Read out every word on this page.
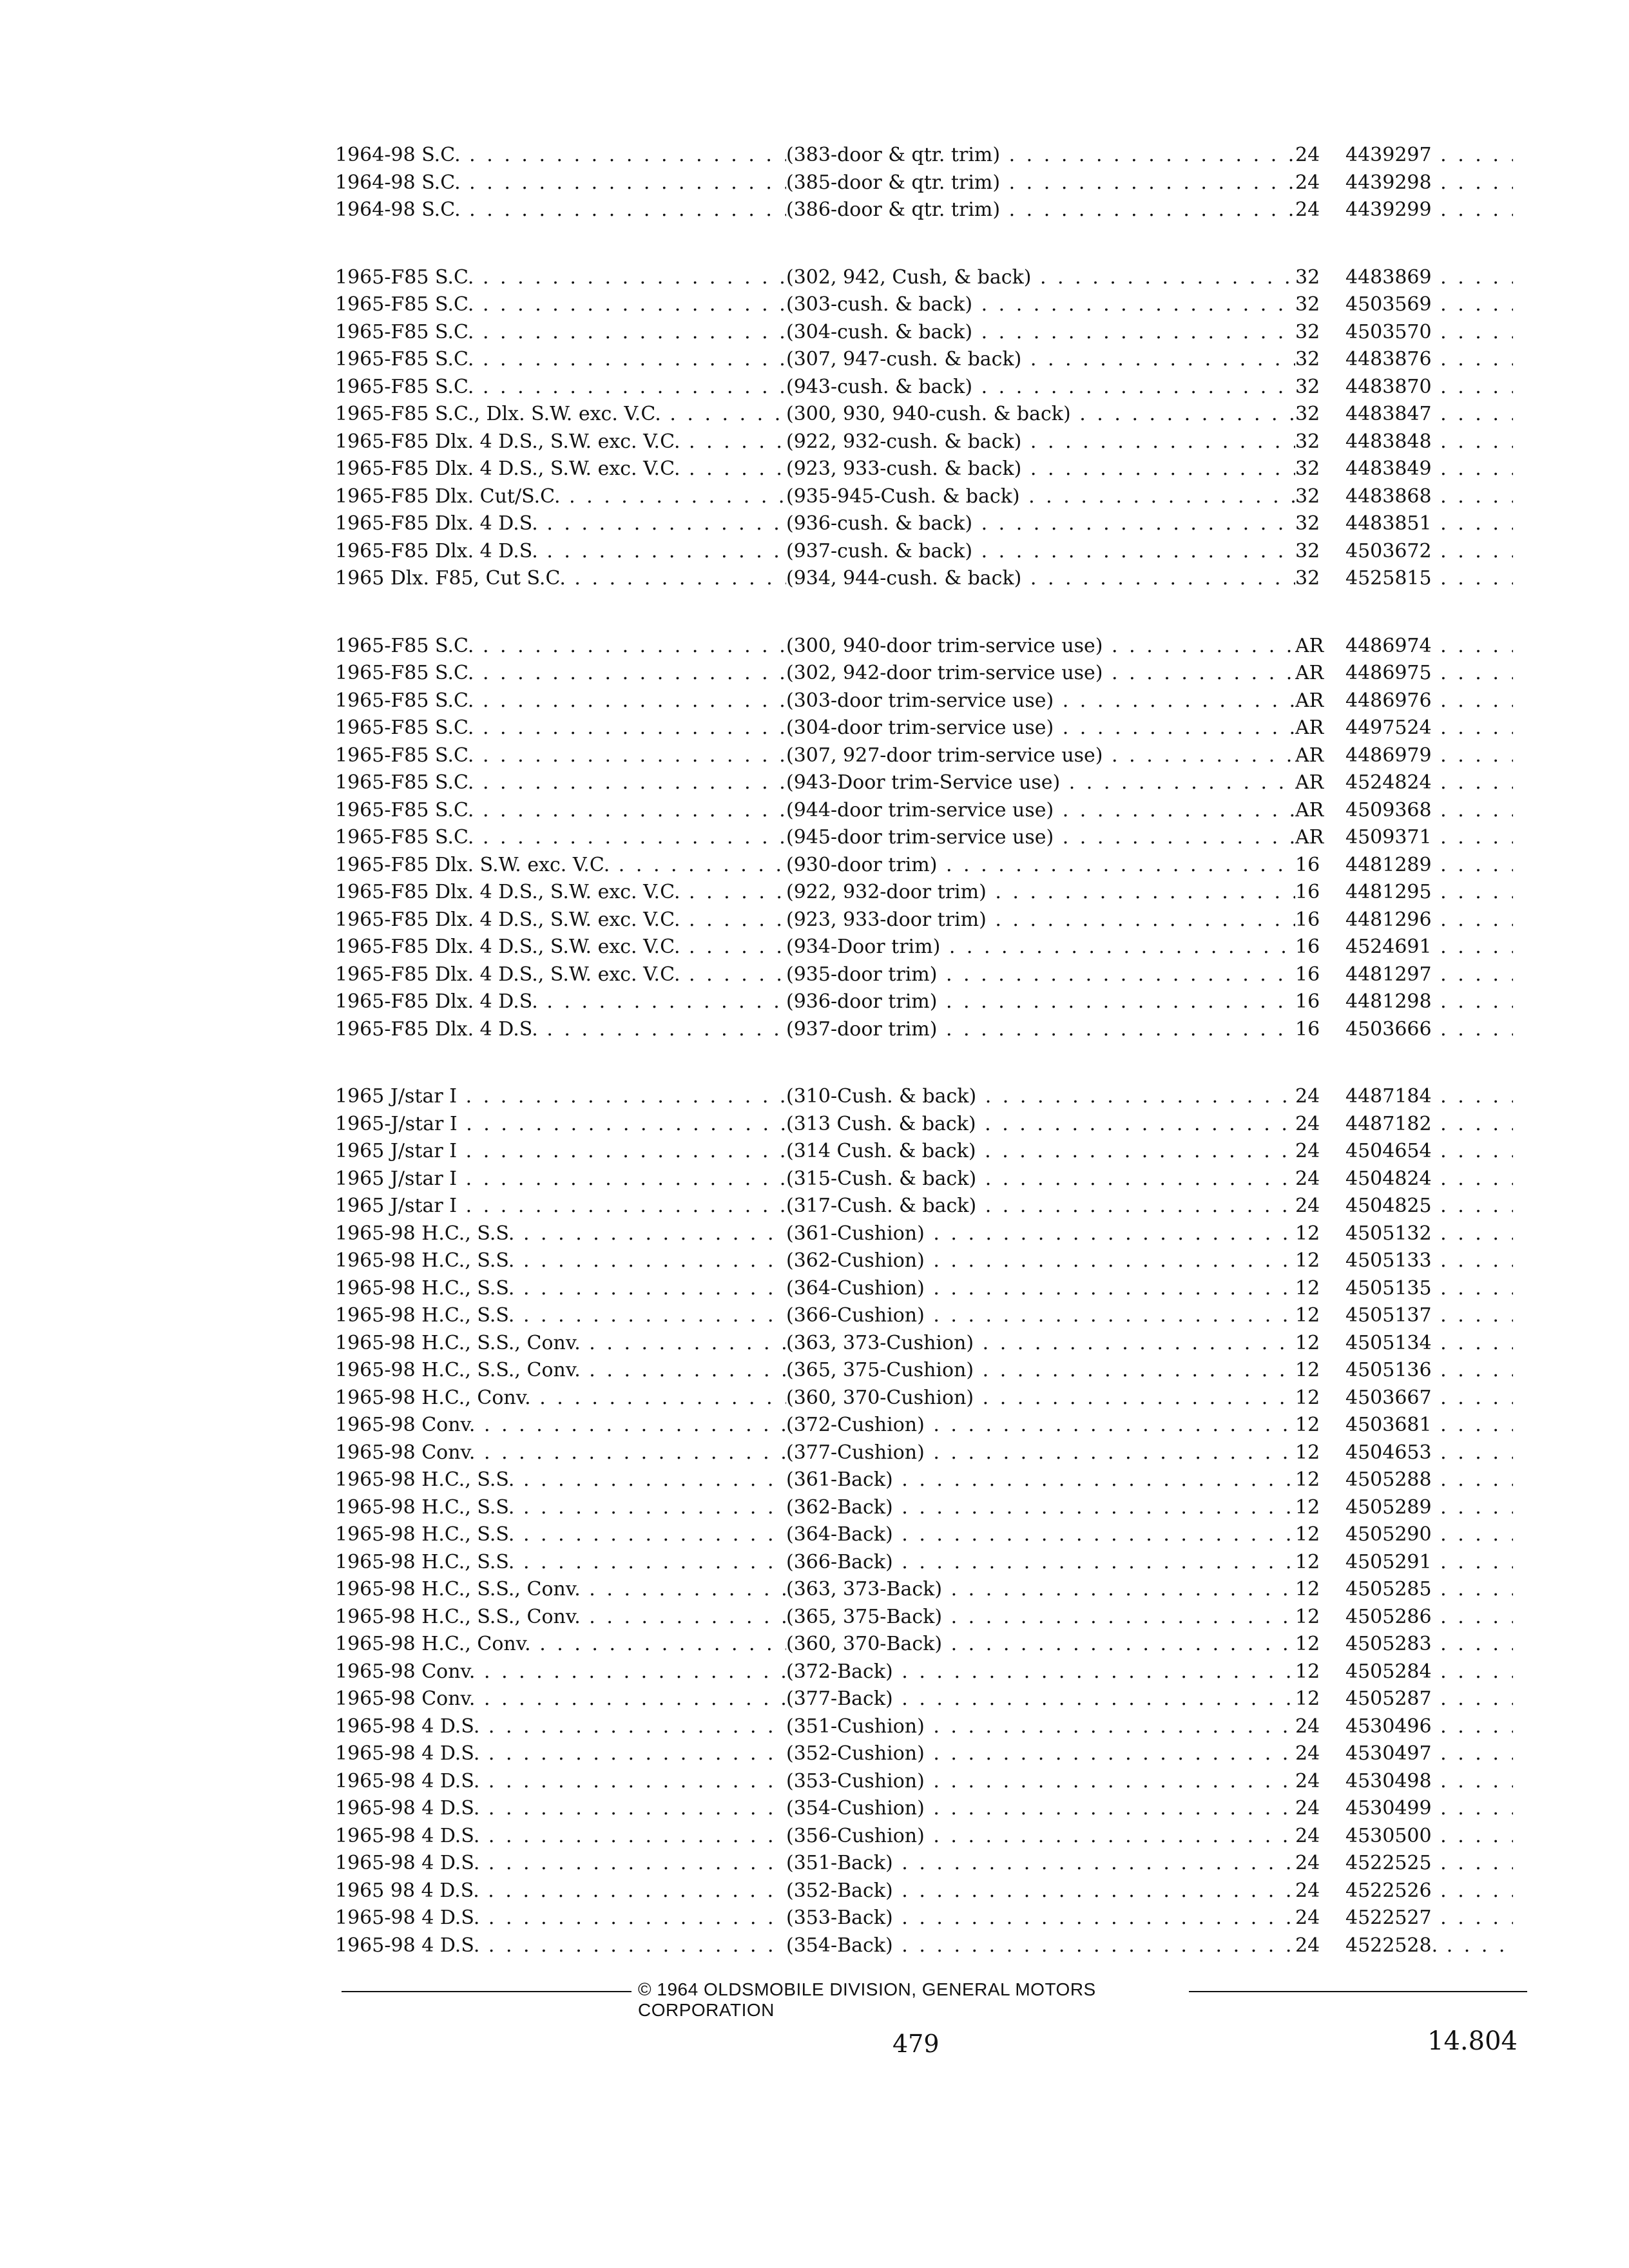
1964-98 S.C. . . .	(383-door & qtr. trim) . . .	24	4439297 . . .
1964-98 S.C. . . .	(385-door & qtr. trim) . . .	24	4439298 . . .
1964-98 S.C. . . .	(386-door & qtr. trim) . . .	24	4439299 . . .
1965-F85 S.C. . . .	(302, 942, Cush, & back) . . .	32	4483869 . . .
1965-F85 S.C. . . .	(303-cush. & back) . . .	32	4503569 . . .
1965-F85 S.C. . . .	(304-cush. & back) . . .	32	4503570 . . .
1965-F85 S.C. . . .	(307, 947-cush. & back) . . .	32	4483876 . . .
1965-F85 S.C. . . .	(943-cush. & back) . . .	32	4483870 . . .
1965-F85 S.C., Dlx. S.W. exc. V.C. . . .	(300, 930, 940-cush. & back) . . .	32	4483847 . . .
1965-F85 Dlx. 4 D.S., S.W. exc. V.C. . . .	(922, 932-cush. & back) . . .	32	4483848 . . .
1965-F85 Dlx. 4 D.S., S.W. exc. V.C. . . .	(923, 933-cush. & back) . . .	32	4483849 . . .
1965-F85 Dlx. Cut/S.C. . . .	(935-945-Cush. & back) . . .	32	4483868 . . .
1965-F85 Dlx. 4 D.S. . . .	(936-cush. & back) . . .	32	4483851 . . .
1965-F85 Dlx. 4 D.S. . . .	(937-cush. & back) . . .	32	4503672 . . .
1965 Dlx. F85, Cut S.C. . . .	(934, 944-cush. & back) . . .	32	4525815 . . .
1965-F85 S.C. . . .	(300, 940-door trim-service use) . . .	AR	4486974 . . .
1965-F85 S.C. . . .	(302, 942-door trim-service use) . . .	AR	4486975 . . .
1965-F85 S.C. . . .	(303-door trim-service use) . . .	AR	4486976 . . .
1965-F85 S.C. . . .	(304-door trim-service use) . . .	AR	4497524 . . .
1965-F85 S.C. . . .	(307, 927-door trim-service use) . . .	AR	4486979 . . .
1965-F85 S.C. . . .	(943-Door trim-Service use) . . .	AR	4524824 . . .
1965-F85 S.C. . . .	(944-door trim-service use) . . .	AR	4509368 . . .
1965-F85 S.C. . . .	(945-door trim-service use) . . .	AR	4509371 . . .
1965-F85 Dlx. S.W. exc. V.C. . . .	(930-door trim) . . .	16	4481289 . . .
1965-F85 Dlx. 4 D.S., S.W. exc. V.C. . . .	(922, 932-door trim) . . .	16	4481295 . . .
1965-F85 Dlx. 4 D.S., S.W. exc. V.C. . . .	(923, 933-door trim) . . .	16	4481296 . . .
1965-F85 Dlx. 4 D.S., S.W. exc. V.C. . . .	(934-Door trim) . . .	16	4524691 . . .
1965-F85 Dlx. 4 D.S., S.W. exc. V.C. . . .	(935-door trim) . . .	16	4481297 . . .
1965-F85 Dlx. 4 D.S. . . .	(936-door trim) . . .	16	4481298 . . .
1965-F85 Dlx. 4 D.S. . . .	(937-door trim) . . .	16	4503666 . . .
1965 J/star I . . .	(310-Cush. & back) . . .	24	4487184 . . .
1965-J/star I . . .	(313 Cush. & back) . . .	24	4487182 . . .
1965 J/star I . . .	(314 Cush. & back) . . .	24	4504654 . . .
1965 J/star I . . .	(315-Cush. & back) . . .	24	4504824 . . .
1965 J/star I . . .	(317-Cush. & back) . . .	24	4504825 . . .
1965-98 H.C., S.S. . . .	(361-Cushion) . . .	12	4505132 . . .
1965-98 H.C., S.S. . . .	(362-Cushion) . . .	12	4505133 . . .
1965-98 H.C., S.S. . . .	(364-Cushion) . . .	12	4505135 . . .
1965-98 H.C., S.S. . . .	(366-Cushion) . . .	12	4505137 . . .
1965-98 H.C., S.S., Conv. . . .	(363, 373-Cushion) . . .	12	4505134 . . .
1965-98 H.C., S.S., Conv. . . .	(365, 375-Cushion) . . .	12	4505136 . . .
1965-98 H.C., Conv. . . .	(360, 370-Cushion) . . .	12	4503667 . . .
1965-98 Conv. . . .	(372-Cushion) . . .	12	4503681 . . .
1965-98 Conv. . . .	(377-Cushion) . . .	12	4504653 . . .
1965-98 H.C., S.S. . . .	(361-Back) . . .	12	4505288 . . .
1965-98 H.C., S.S. . . .	(362-Back) . . .	12	4505289 . . .
1965-98 H.C., S.S. . . .	(364-Back) . . .	12	4505290 . . .
1965-98 H.C., S.S. . . .	(366-Back) . . .	12	4505291 . . .
1965-98 H.C., S.S., Conv. . . .	(363, 373-Back) . . .	12	4505285 . . .
1965-98 H.C., S.S., Conv. . . .	(365, 375-Back) . . .	12	4505286 . . .
1965-98 H.C., Conv. . . .	(360, 370-Back) . . .	12	4505283 . . .
1965-98 Conv. . . .	(372-Back) . . .	12	4505284 . . .
1965-98 Conv. . . .	(377-Back) . . .	12	4505287 . . .
1965-98 4 D.S. . . .	(351-Cushion) . . .	24	4530496 . . .
1965-98 4 D.S. . . .	(352-Cushion) . . .	24	4530497 . . .
1965-98 4 D.S. . . .	(353-Cushion) . . .	24	4530498 . . .
1965-98 4 D.S. . . .	(354-Cushion) . . .	24	4530499 . . .
1965-98 4 D.S. . . .	(356-Cushion) . . .	24	4530500 . . .
1965-98 4 D.S. . . .	(351-Back) . . .	24	4522525 . . .
1965 98 4 D.S. . . .	(352-Back) . . .	24	4522526 . . .
1965-98 4 D.S. . . .	(353-Back) . . .	24	4522527 . . .
1965-98 4 D.S. . . .	(354-Back) . . .	24	4522528. . . .
© 1964 OLDSMOBILE DIVISION, GENERAL MOTORS CORPORATION
479	14.804
